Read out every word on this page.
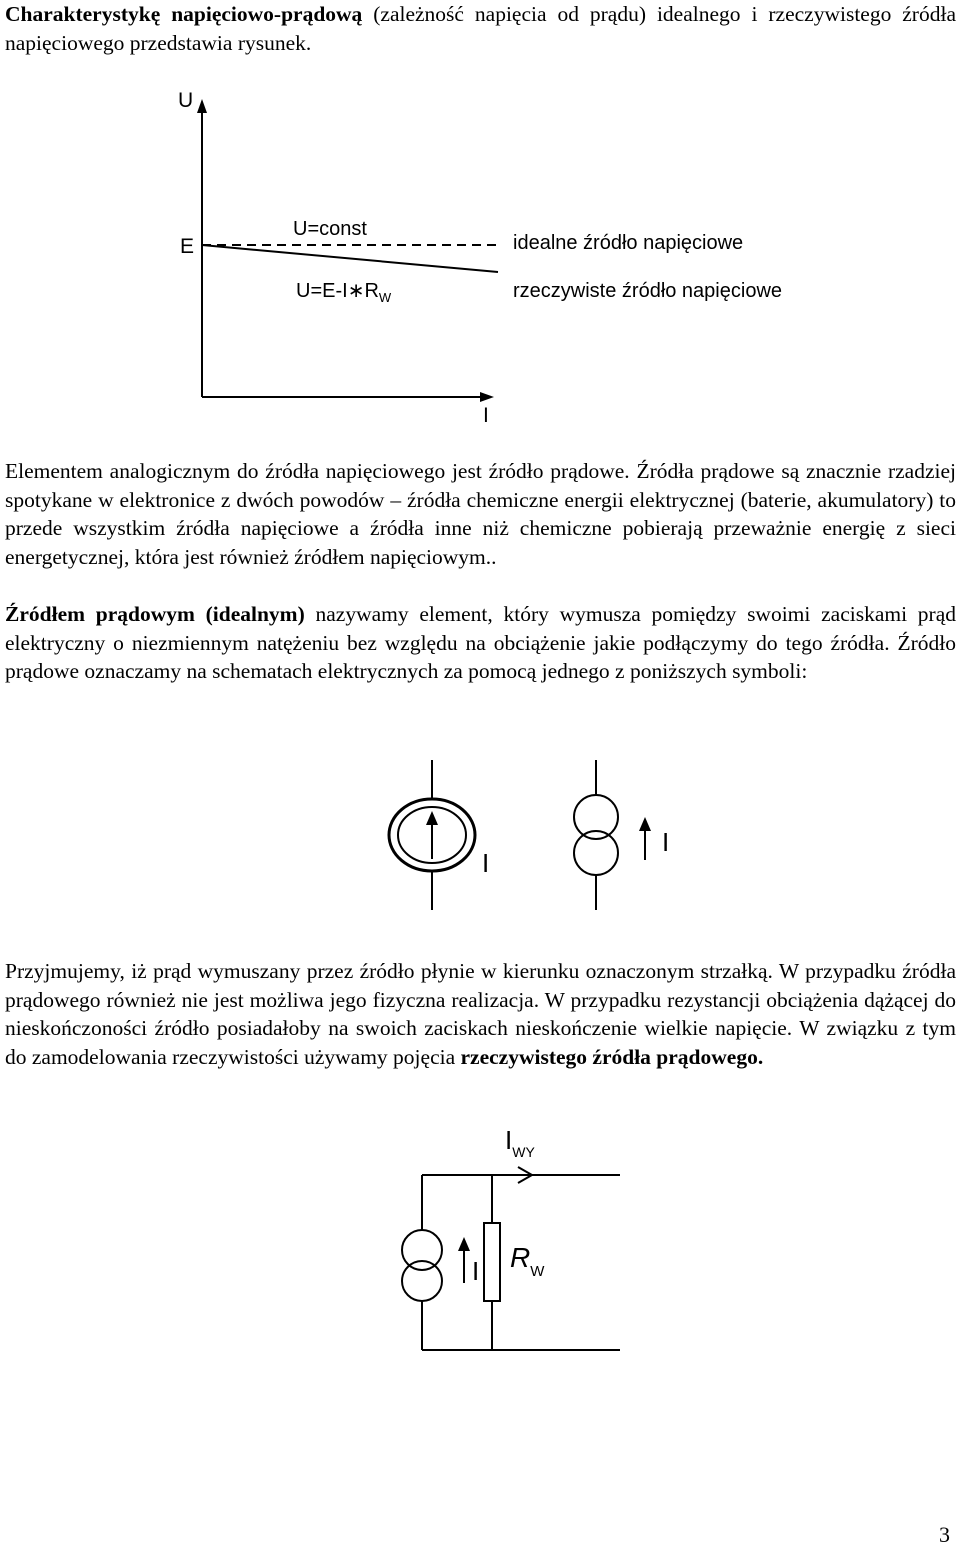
Charakterystykę napięciowo-prądową (zależność napięcia od prądu) idealnego i rzeczywistego źródła napięciowego przedstawia rysunek.

U
I
E
U=const
$U=E-I∗R_W$
idealne źródło napięciowe
rzeczywiste źródło napięciowe

Elementem analogicznym do źródła napięciowego jest źródło prądowe. Źródła prądowe są znacznie rzadziej spotykane w elektronice z dwóch powodów – źródła chemiczne energii elektrycznej (baterie, akumulatory) to przede wszystkim źródła napięciowe a źródła inne niż chemiczne pobierają przeważnie energię z sieci energetycznej, która jest również źródłem napięciowym..

Źródłem prądowym (idealnym) nazywamy element, który wymusza pomiędzy swoimi zaciskami prąd elektryczny o niezmiennym natężeniu bez względu na obciążenie jakie podłączymy do tego źródła. Źródło prądowe oznaczamy na schematach elektrycznych za pomocą jednego z poniższych symboli:

I
I

Przyjmujemy, iż prąd wymuszany przez źródło płynie w kierunku oznaczonym strzałką. W przypadku źródła prądowego również nie jest możliwa jego fizyczna realizacja. W przypadku rezystancji obciążenia dążącej do nieskończoności źródło posiadałoby na swoich zaciskach nieskończenie wielkie napięcie. W związku z tym do zamodelowania rzeczywistości używamy pojęcia rzeczywistego źródła prądowego.

$I_{WY}$
I $R_W$
3
